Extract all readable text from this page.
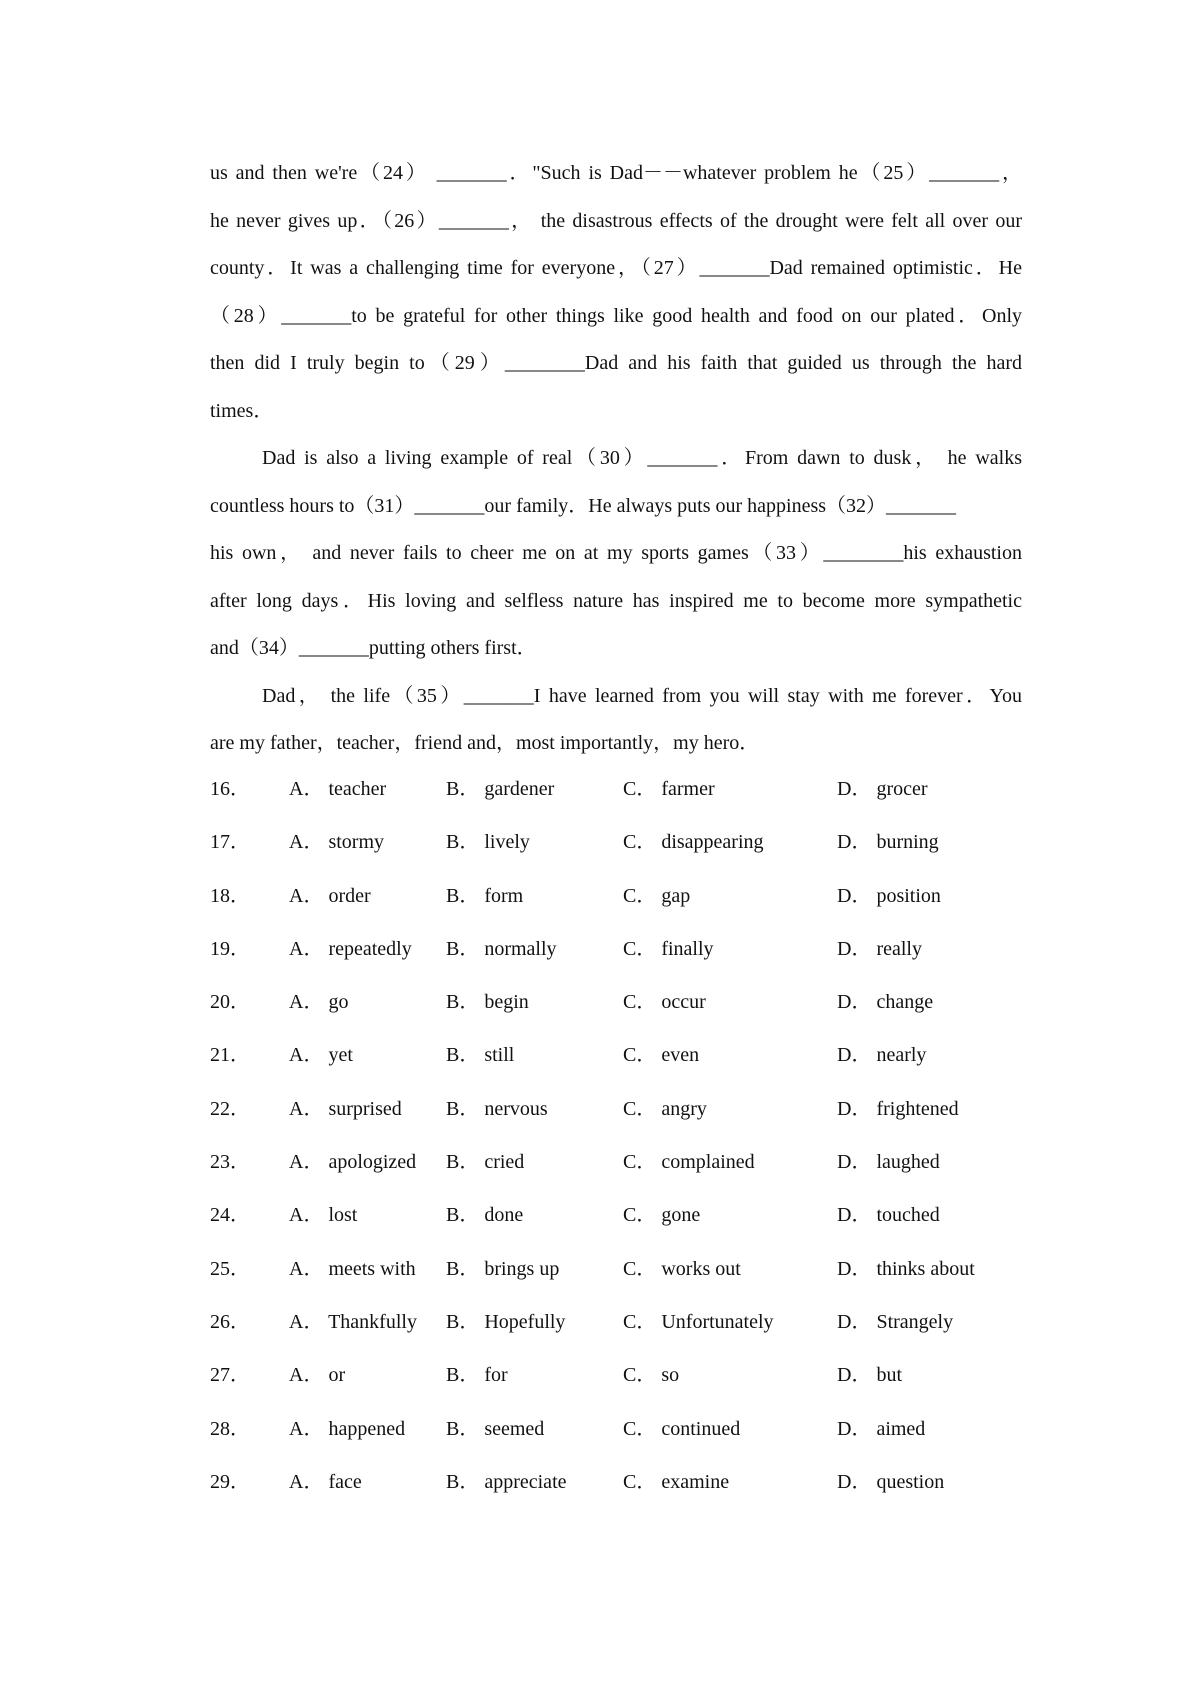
us and then we're（24） _______．"Such is Dad－－whatever problem he（25）_______，
he never gives up．（26）_______， the disastrous effects of the drought were felt all over our
county．It was a challenging time for everyone，（27）_______Dad remained optimistic．He
（28）_______to be grateful for other things like good health and food on our plated．Only
then did I truly begin to（29）________Dad and his faith that guided us through the hard
times．
Dad is also a living example of real（30）_______．From dawn to dusk， he walks
countless hours to（31）_______our family．He always puts our happiness（32）_______
his own， and never fails to cheer me on at my sports games（33）________his exhaustion
after long days．His loving and selfless nature has inspired me to become more sympathetic
and（34）_______putting others first．
Dad， the life（35）_______I have learned from you will stay with me forever．You
are my father，teacher，friend and，most importantly，my hero．
16． A． teacher	B． gardener	C． farmer	D． grocer
17． A． stormy	B． lively	C． disappearing	D． burning
18． A． order	B． form	C． gap	D． position
19． A． repeatedly B． normally	C． finally	D． really
20． A． go	B． begin	C． occur	D． change
21． A． yet	B． still	C． even	D． nearly
22． A． surprised B． nervous	C． angry	D． frightened
23． A． apologized B． cried	C． complained	D． laughed
24． A． lost	B． done	C． gone	D． touched
25． A． meets with B． brings up	C． works out	D． thinks about
26． A． Thankfully B． Hopefully	C． Unfortunately	D． Strangely
27． A． or	B． for	C． so	D． but
28． A． happened B． seemed	C． continued	D． aimed
29． A． face	B． appreciate	C． examine	D． question
